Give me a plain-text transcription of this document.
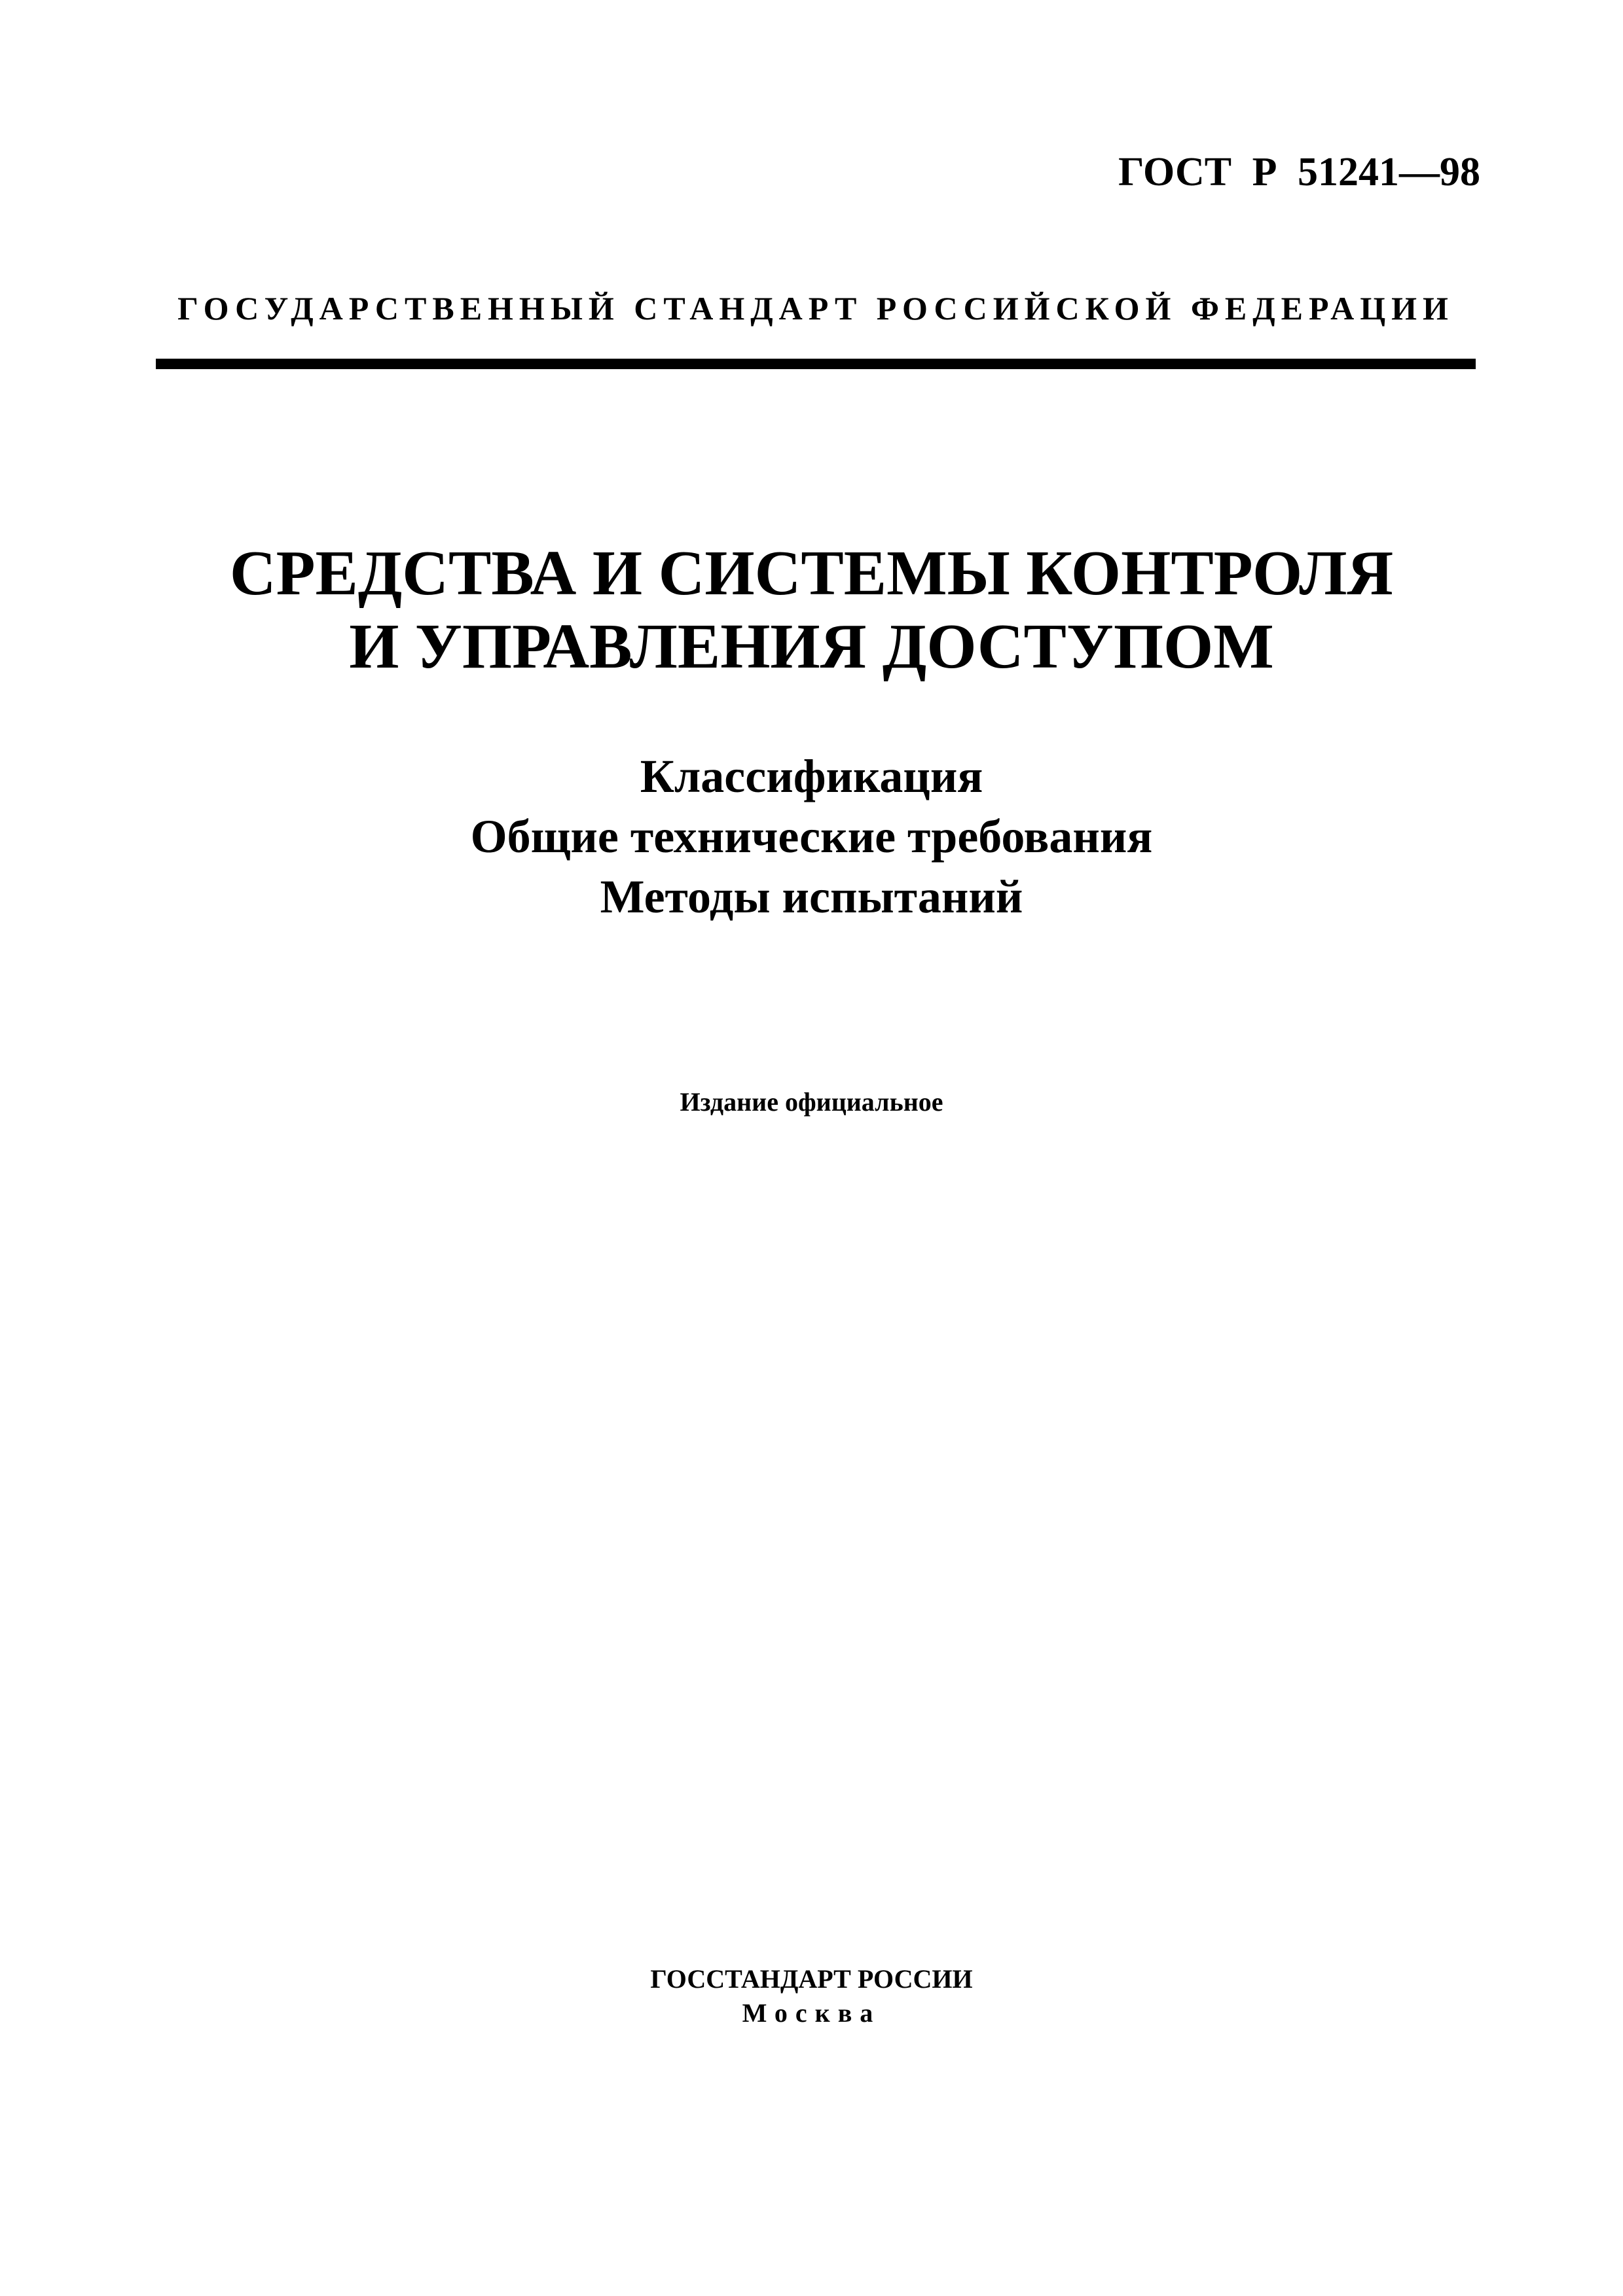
ГОСТ Р 51241—98
ГОСУДАРСТВЕННЫЙ СТАНДАРТ РОССИЙСКОЙ ФЕДЕРАЦИИ
СРЕДСТВА И СИСТЕМЫ КОНТРОЛЯ
И УПРАВЛЕНИЯ ДОСТУПОМ
Классификация
Общие технические требования
Методы испытаний
Издание официальное
ГОССТАНДАРТ РОССИИ
Москва
